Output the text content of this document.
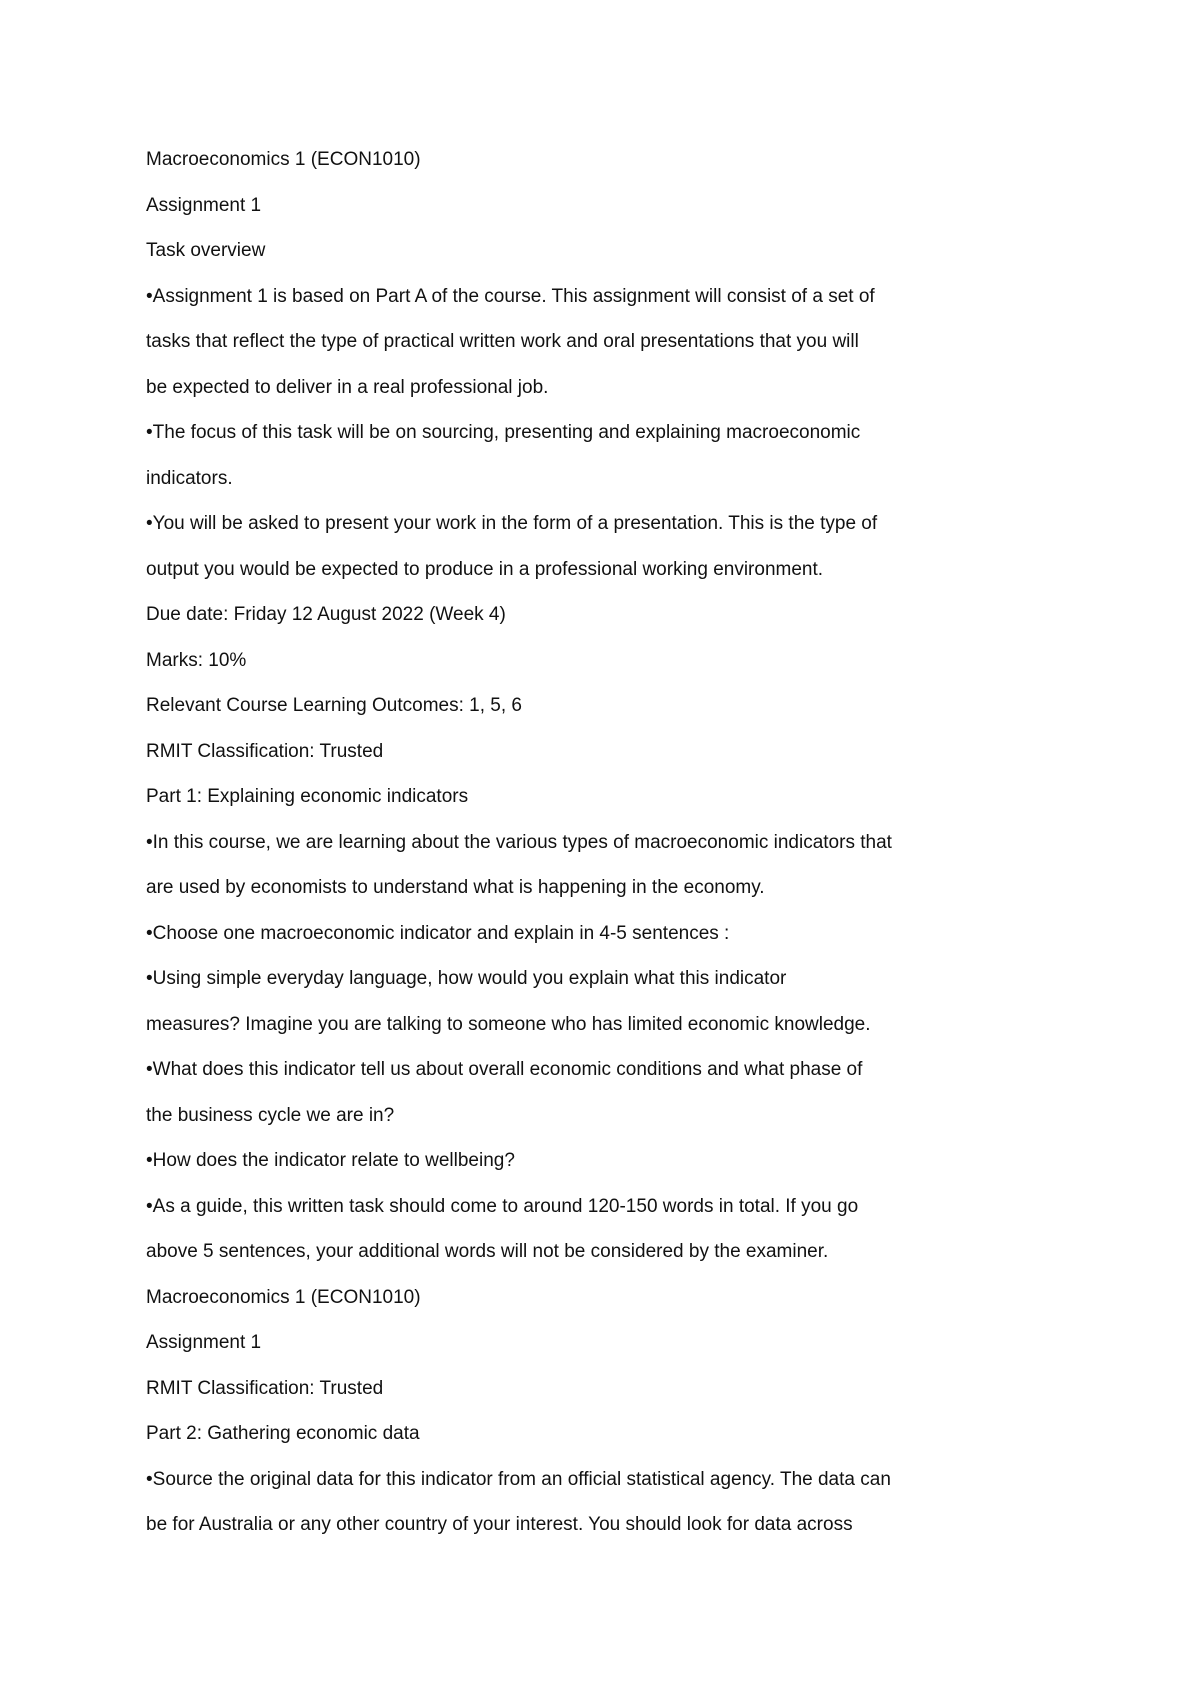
Macroeconomics 1 (ECON1010)
Assignment 1
Task overview
•Assignment 1 is based on Part A of the course. This assignment will consist of a set of
tasks that reflect the type of practical written work and oral presentations that you will
be expected to deliver in a real professional job.
•The focus of this task will be on sourcing, presenting and explaining macroeconomic
indicators.
•You will be asked to present your work in the form of a presentation. This is the type of
output you would be expected to produce in a professional working environment.
Due date: Friday 12 August 2022 (Week 4)
Marks: 10%
Relevant Course Learning Outcomes: 1, 5, 6
RMIT Classification: Trusted
Part 1: Explaining economic indicators
•In this course, we are learning about the various types of macroeconomic indicators that
are used by economists to understand what is happening in the economy.
•Choose one macroeconomic indicator and explain in 4-5 sentences :
•Using simple everyday language, how would you explain what this indicator
measures? Imagine you are talking to someone who has limited economic knowledge.
•What does this indicator tell us about overall economic conditions and what phase of
the business cycle we are in?
•How does the indicator relate to wellbeing?
•As a guide, this written task should come to around 120-150 words in total. If you go
above 5 sentences, your additional words will not be considered by the examiner.
Macroeconomics 1 (ECON1010)
Assignment 1
RMIT Classification: Trusted
Part 2: Gathering economic data
•Source the original data for this indicator from an official statistical agency. The data can
be for Australia or any other country of your interest. You should look for data across
